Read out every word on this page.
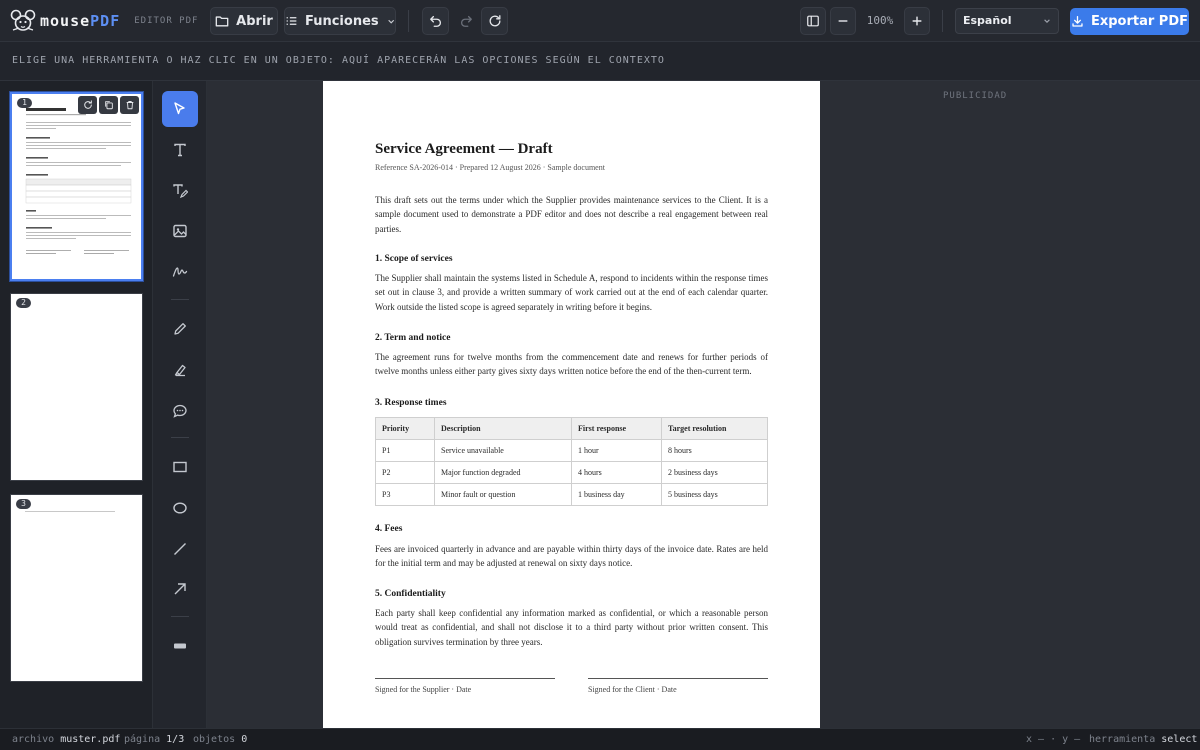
mousePDF EDITOR PDF	Abrir Funciones	100%	Español	Exportar PDF
ELIGE UNA HERRAMIENTA O HAZ CLIC EN UN OBJETO: AQUÍ APARECERÁN LAS OPCIONES SEGÚN EL CONTEXTO
1
2
3
PUBLICIDAD
Service Agreement — Draft
Reference SA-2026-014 · Prepared 12 August 2026 · Sample document
This draft sets out the terms under which the Supplier provides maintenance services to the Client. It is a sample document used to demonstrate a PDF editor and does not describe a real engagement between real parties.
1. Scope of services
The Supplier shall maintain the systems listed in Schedule A, respond to incidents within the response times set out in clause 3, and provide a written summary of work carried out at the end of each calendar quarter. Work outside the listed scope is agreed separately in writing before it begins.
2. Term and notice
The agreement runs for twelve months from the commencement date and renews for further periods of twelve months unless either party gives sixty days written notice before the end of the then-current term.
3. Response times
Priority	Description	First response	Target resolution
P1	Service unavailable	1 hour	8 hours
P2	Major function degraded	4 hours	2 business days
P3	Minor fault or question	1 business day	5 business days
4. Fees
Fees are invoiced quarterly in advance and are payable within thirty days of the invoice date. Rates are held for the initial term and may be adjusted at renewal on sixty days notice.
5. Confidentiality
Each party shall keep confidential any information marked as confidential, or which a reasonable person would treat as confidential, and shall not disclose it to a third party without prior written consent. This obligation survives termination by three years.
Signed for the Supplier · Date	Signed for the Client · Date
archivo muster.pdf página 1/3 objetos 0	x — · y — herramienta select
